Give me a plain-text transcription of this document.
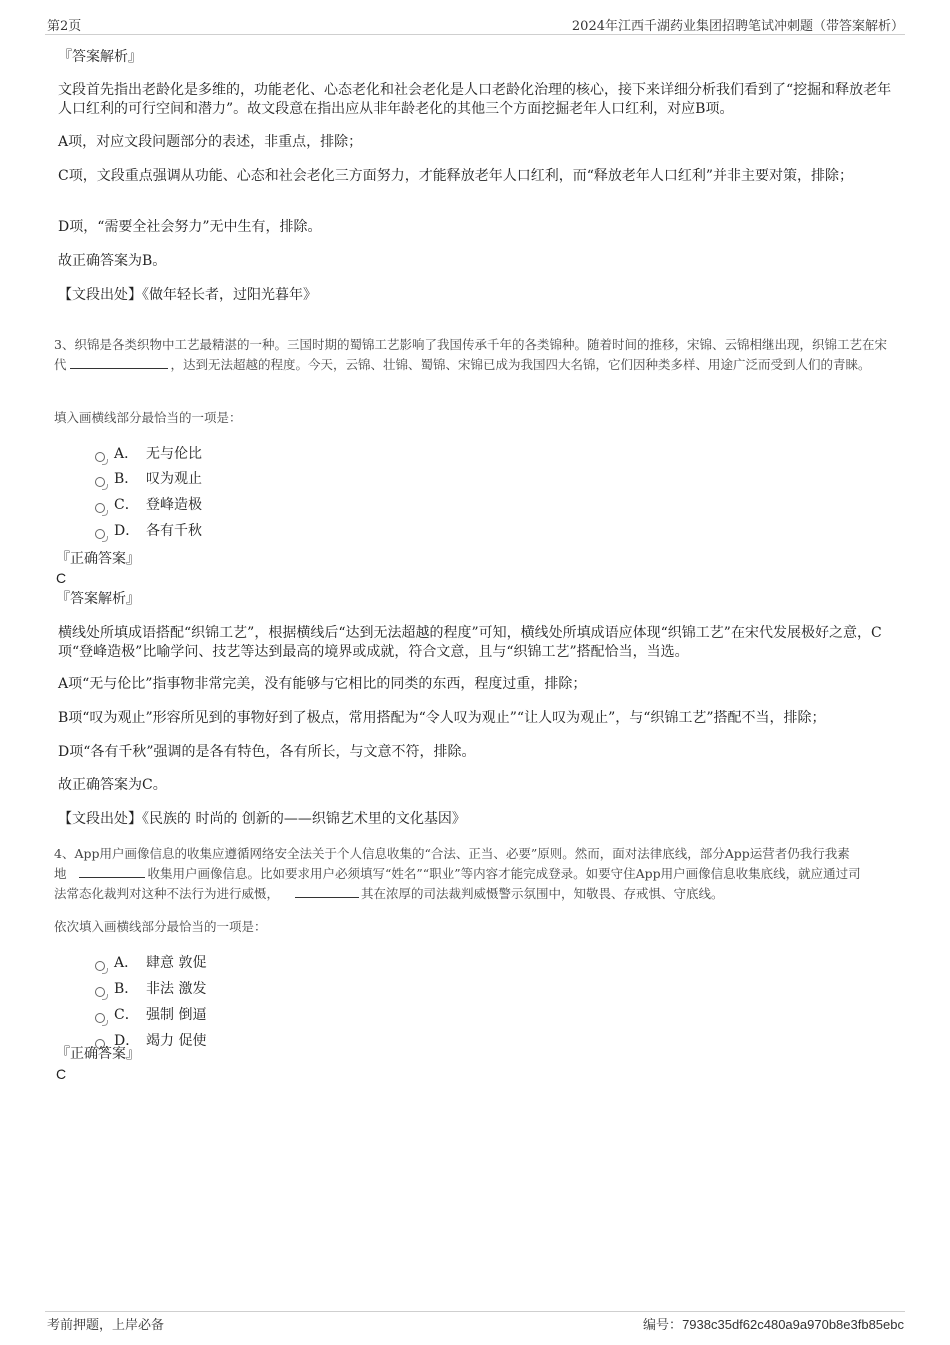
第2页	2024年江西千湖药业集团招聘笔试冲刺题（带答案解析）
『答案解析』
文段首先指出老龄化是多维的，功能老化、心态老化和社会老化是人口老龄化治理的核心，接下来详细分析我们看到了“挖掘和释放老年人口红利的可行空间和潜力”。故文段意在指出应从非年龄老化的其他三个方面挖掘老年人口红利，对应B项。
A项，对应文段问题部分的表述，非重点，排除；
C项，文段重点强调从功能、心态和社会老化三方面努力，才能释放老年人口红利，而“释放老年人口红利”并非主要对策，排除；
D项，“需要全社会努力”无中生有，排除。
故正确答案为B。
【文段出处】《做年轻长者，过阳光暮年》
3、织锦是各类织物中工艺最精湛的一种。三国时期的蜀锦工艺影响了我国传承千年的各类锦种。随着时间的推移，宋锦、云锦相继出现，织锦工艺在宋代	，达到无法超越的程度。今天，云锦、壮锦、蜀锦、宋锦已成为我国四大名锦，它们因种类多样、用途广泛而受到人们的青睐。
填入画横线部分最恰当的一项是：
A． 无与伦比
B． 叹为观止
C． 登峰造极
D． 各有千秋
『正确答案』
C
『答案解析』
横线处所填成语搭配“织锦工艺”，根据横线后“达到无法超越的程度”可知，横线处所填成语应体现“织锦工艺”在宋代发展极好之意，C项“登峰造极”比喻学问、技艺等达到最高的境界或成就，符合文意，且与“织锦工艺”搭配恰当，当选。
A项“无与伦比”指事物非常完美，没有能够与它相比的同类的东西，程度过重，排除；
B项“叹为观止”形容所见到的事物好到了极点，常用搭配为“令人叹为观止”“让人叹为观止”，与“织锦工艺”搭配不当，排除；
D项“各有千秋”强调的是各有特色，各有所长，与文意不符，排除。
故正确答案为C。
【文段出处】《民族的 时尚的 创新的——织锦艺术里的文化基因》
4、App用户画像信息的收集应遵循网络安全法关于个人信息收集的“合法、正当、必要”原则。然而，面对法律底线，部分App运营者仍我行我素
地	收集用户画像信息。比如要求用户必须填写“姓名”“职业”等内容才能完成登录。如要守住App用户画像信息收集底线，就应通过司
法常态化裁判对这种不法行为进行威慑，	其在浓厚的司法裁判威慑警示氛围中，知敬畏、存戒惧、守底线。
依次填入画横线部分最恰当的一项是：
A． 肆意 敦促
B． 非法 激发
C． 强制 倒逼
D． 竭力 促使
『正确答案』
C
考前押题，上岸必备	编号：7938c35df62c480a9a970b8e3fb85ebc
